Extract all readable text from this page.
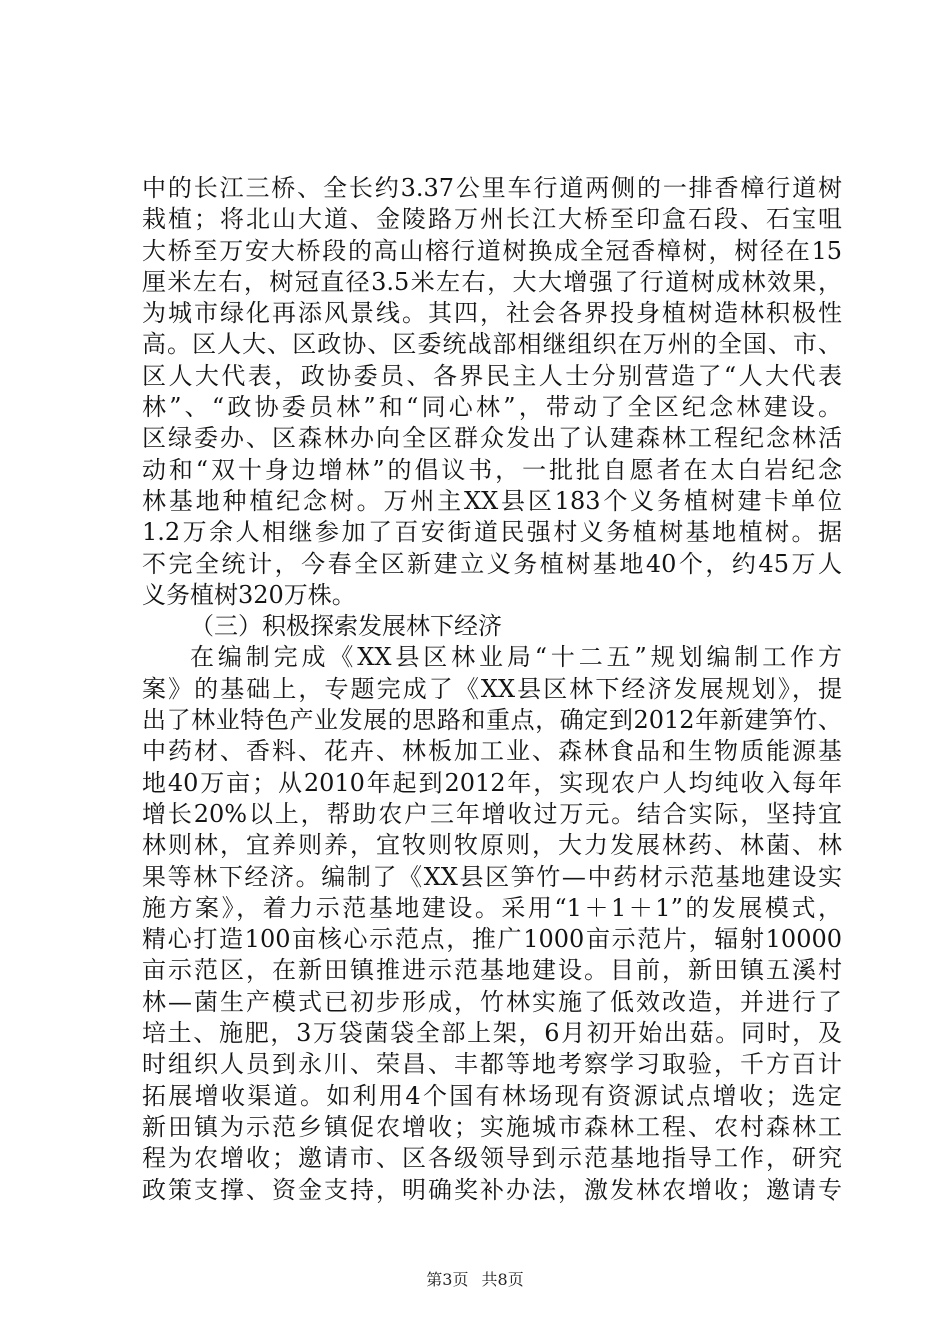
中的长江三桥、全长约3.37公里车行道两侧的一排香樟行道树
栽植；将北山大道、金陵路万州长江大桥至印盒石段、石宝咀
大桥至万安大桥段的高山榕行道树换成全冠香樟树，树径在15
厘米左右，树冠直径3.5米左右，大大增强了行道树成林效果，
为城市绿化再添风景线。其四，社会各界投身植树造林积极性
高。区人大、区政协、区委统战部相继组织在万州的全国、市、
区人大代表，政协委员、各界民主人士分别营造了“人大代表
林”、“政协委员林”和“同心林”，带动了全区纪念林建设。
区绿委办、区森林办向全区群众发出了认建森林工程纪念林活
动和“双十身边增林”的倡议书，一批批自愿者在太白岩纪念
林基地种植纪念树。万州主XX县区183个义务植树建卡单位
1.2万余人相继参加了百安街道民强村义务植树基地植树。据
不完全统计，今春全区新建立义务植树基地40个，约45万人
义务植树320万株。
（三）积极探索发展林下经济
在编制完成《XX县区林业局“十二五”规划编制工作方
案》的基础上，专题完成了《XX县区林下经济发展规划》，提
出了林业特色产业发展的思路和重点，确定到2012年新建笋竹、
中药材、香料、花卉、林板加工业、森林食品和生物质能源基
地40万亩；从2010年起到2012年，实现农户人均纯收入每年
增长20%以上，帮助农户三年增收过万元。结合实际，坚持宜
林则林，宜养则养，宜牧则牧原则，大力发展林药、林菌、林
果等林下经济。编制了《XX县区笋竹—中药材示范基地建设实
施方案》，着力示范基地建设。采用“1＋1＋1”的发展模式，
精心打造100亩核心示范点，推广1000亩示范片，辐射10000
亩示范区，在新田镇推进示范基地建设。目前，新田镇五溪村
林—菌生产模式已初步形成，竹林实施了低效改造，并进行了
培土、施肥，3万袋菌袋全部上架，6月初开始出菇。同时，及
时组织人员到永川、荣昌、丰都等地考察学习取验，千方百计
拓展增收渠道。如利用4个国有林场现有资源试点增收；选定
新田镇为示范乡镇促农增收；实施城市森林工程、农村森林工
程为农增收；邀请市、区各级领导到示范基地指导工作，研究
政策支撑、资金支持，明确奖补办法，激发林农增收；邀请专
第3页 共8页
